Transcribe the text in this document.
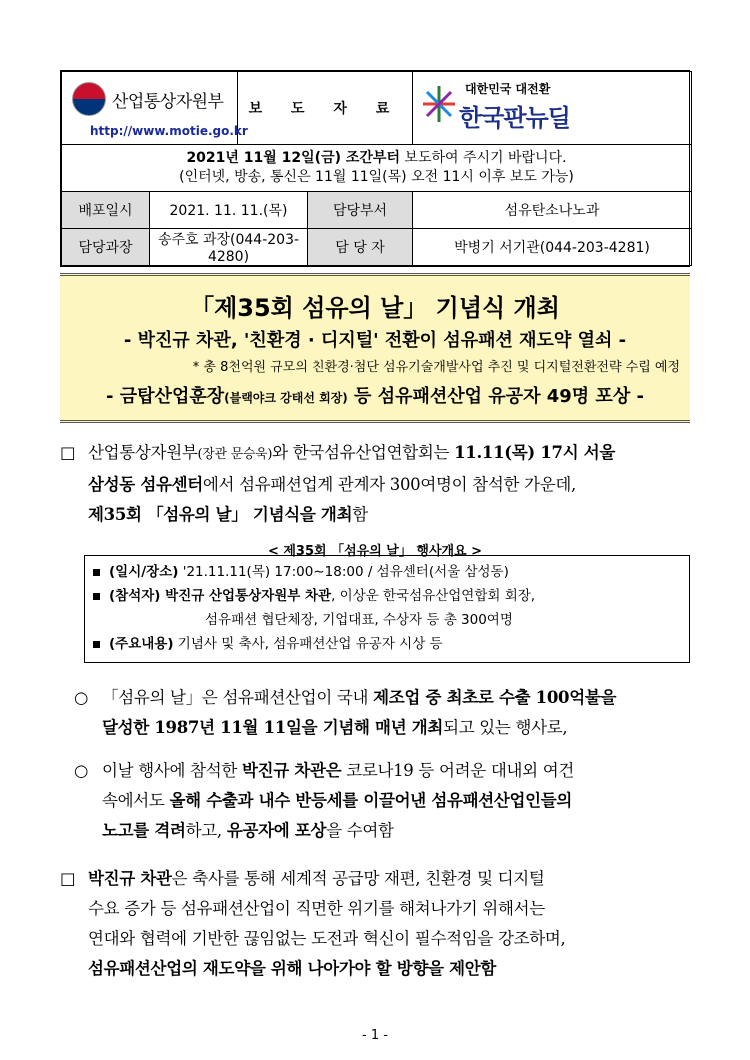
산업통상자원부
http://www.motie.go.kr		보 도 자 료		대한민국 대전환
한국판뉴딜

2021년 11월 12일(금) 조간부터 보도하여 주시기 바랍니다.
(인터넷, 방송, 통신은 11월 11일(목) 오전 11시 이후 보도 가능)				
배포일시	2021. 11. 11.(목)		담당부서	섬유탄소나노과
담당과장	송주호 과장(044-203-4280)		담 당 자	박병기 서기관(044-203-4281)
「제35회 섬유의 날」 기념식 개최
- 박진규 차관, '친환경 · 디지털' 전환이 섬유패션 재도약 열쇠 -
* 총 8천억원 규모의 친환경·첨단 섬유기술개발사업 추진 및 디지털전환전략 수립 예정
- 금탑산업훈장(블랙야크 강태선 회장) 등 섬유패션산업 유공자 49명 포상 -
□ 산업통상자원부(장관 문승욱)와 한국섬유산업연합회는 11.11(목) 17시 서울
삼성동 섬유센터에서 섬유패션업계 관계자 300여명이 참석한 가운데,
제35회 「섬유의 날」 기념식을 개최함
< 제35회 「섬유의 날」 행사개요 >
(일시/장소) '21.11.11(목) 17:00∼18:00 / 섬유센터(서울 삼성동)
(참석자) 박진규 산업통상자원부 차관, 이상운 한국섬유산업연합회 회장,
섬유패션 협단체장, 기업대표, 수상자 등 총 300여명
(주요내용) 기념사 및 축사, 섬유패션산업 유공자 시상 등
○ 「섬유의 날」은 섬유패션산업이 국내 제조업 중 최초로 수출 100억불을
달성한 1987년 11월 11일을 기념해 매년 개최되고 있는 행사로,
○ 이날 행사에 참석한 박진규 차관은 코로나19 등 어려운 대내외 여건
속에서도 올해 수출과 내수 반등세를 이끌어낸 섬유패션산업인들의
노고를 격려하고, 유공자에 포상을 수여함
□ 박진규 차관은 축사를 통해 세계적 공급망 재편, 친환경 및 디지털
수요 증가 등 섬유패션산업이 직면한 위기를 해쳐나가기 위해서는
연대와 협력에 기반한 끊임없는 도전과 혁신이 필수적임을 강조하며,
섬유패션산업의 재도약을 위해 나아가야 할 방향을 제안함
- 1 -
